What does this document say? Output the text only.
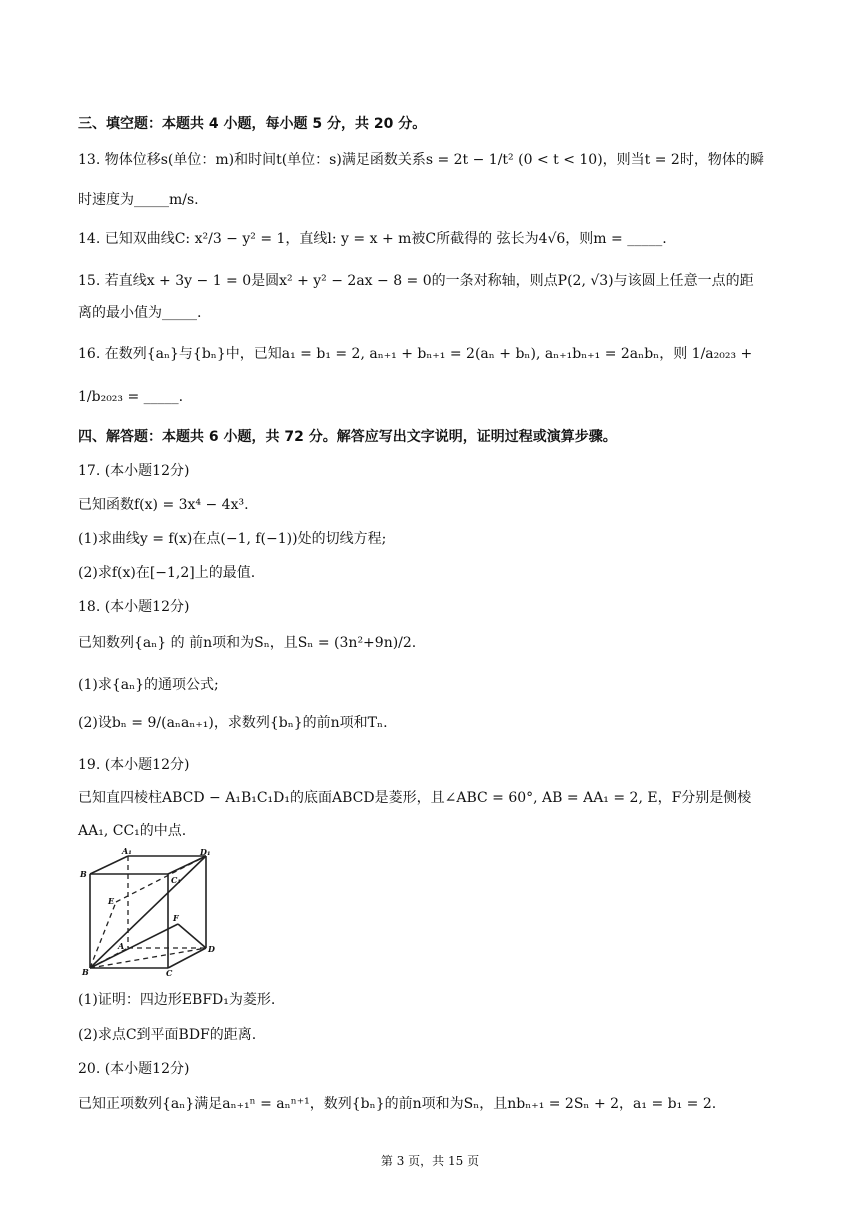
三、填空题：本题共 4 小题，每小题 5 分，共 20 分。
13. 物体位移s(单位：m)和时间t(单位：s)满足函数关系s = 2t − 1/t² (0 < t < 10)，则当t = 2时，物体的瞬
时速度为_____m/s.
14. 已知双曲线C: x²/3 − y² = 1，直线l: y = x + m被C所截得的 弦长为4√6，则m = _____.
15. 若直线x + 3y − 1 = 0是圆x² + y² − 2ax − 8 = 0的一条对称轴，则点P(2, √3)与该圆上任意一点的距
离的最小值为_____.
16. 在数列{aₙ}与{bₙ}中，已知a₁ = b₁ = 2, aₙ₊₁ + bₙ₊₁ = 2(aₙ + bₙ), aₙ₊₁bₙ₊₁ = 2aₙbₙ，则 1/a₂₀₂₃ +
1/b₂₀₂₃ = _____.
四、解答题：本题共 6 小题，共 72 分。解答应写出文字说明，证明过程或演算步骤。
17. (本小题12分)
已知函数f(x) = 3x⁴ − 4x³.
(1)求曲线y = f(x)在点(−1, f(−1))处的切线方程;
(2)求f(x)在[−1,2]上的最值.
18. (本小题12分)
已知数列{aₙ} 的 前n项和为Sₙ，且Sₙ = (3n²+9n)/2.
(1)求{aₙ}的通项公式;
(2)设bₙ = 9/(aₙaₙ₊₁)，求数列{bₙ}的前n项和Tₙ.
19. (本小题12分)
已知直四棱柱ABCD − A₁B₁C₁D₁的底面ABCD是菱形，且∠ABC = 60°, AB = AA₁ = 2, E，F分别是侧棱
AA₁, CC₁的中点.
A₁	D₁
B
C₁
E
F
A	D
B	C
(1)证明：四边形EBFD₁为菱形.
(2)求点C到平面BDF的距离.
20. (本小题12分)
已知正项数列{aₙ}满足aₙ₊₁ⁿ = aₙⁿ⁺¹，数列{bₙ}的前n项和为Sₙ，且nbₙ₊₁ = 2Sₙ + 2，a₁ = b₁ = 2.
第 3 页，共 15 页
